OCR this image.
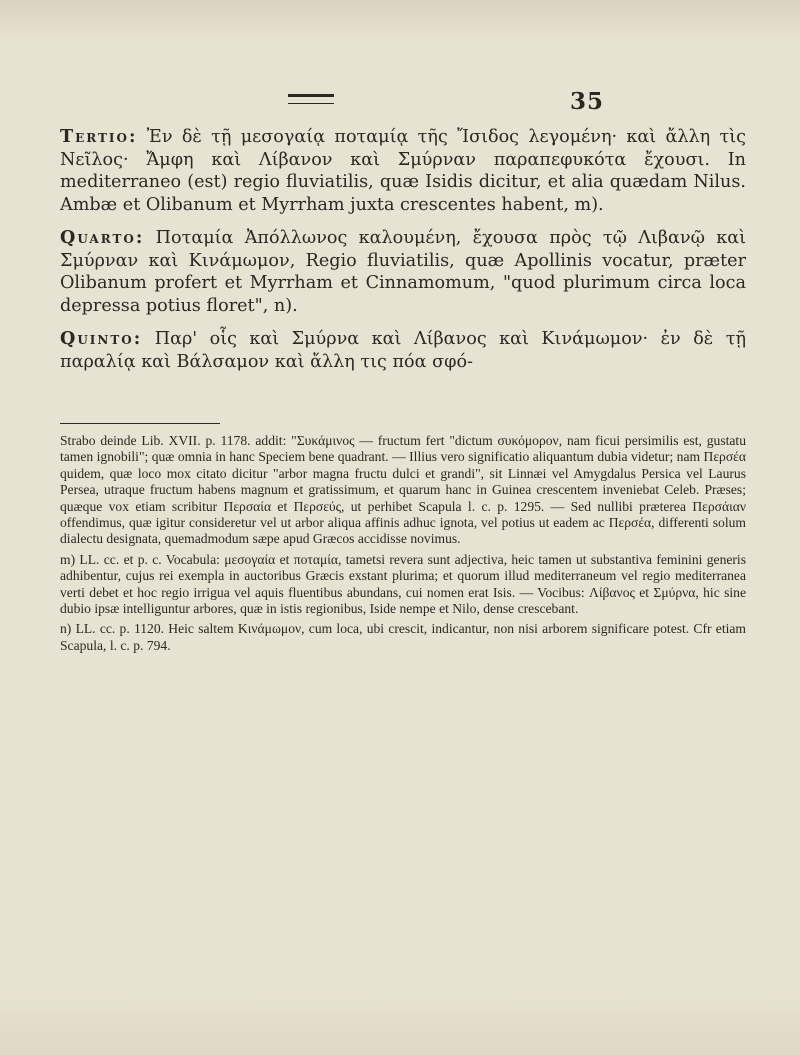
35

Tertio: Ἐν δὲ τῇ μεσογαίᾳ ποταμίᾳ τῆς Ἴσιδος λεγομένη· καὶ ἄλλη τὶς Νεῖλος· Ἄμφη καὶ Λίβανον καὶ Σμύρναν παραπεφυκότα ἔχουσι. In mediterraneo (est) regio fluviatilis, quæ Isidis dicitur, et alia quædam Nilus. Ambæ et Olibanum et Myrrham juxta crescentes habent, m).

Quarto: Ποταμία Ἀπόλλωνος καλουμένη, ἔχουσα πρὸς τῷ Λιβανῷ καὶ Σμύρναν καὶ Κινάμωμον, Regio fluviatilis, quæ Apollinis vocatur, præter Olibanum profert et Myrrham et Cinnamomum, "quod plurimum circa loca depressa potius floret", n).

Quinto: Παρ' οἷς καὶ Σμύρνα καὶ Λίβανος καὶ Κινάμωμον· ἐν δὲ τῇ παραλίᾳ καὶ Βάλσαμον καὶ ἄλλη τις πόα σφό-

Strabo deinde Lib. XVII. p. 1178. addit: "Συκάμινος — fructum fert "dictum συκόμορον, nam ficui persimilis est, gustatu tamen ignobili"; quæ omnia in hanc Speciem bene quadrant. — Illius vero significatio aliquantum dubia videtur; nam Περσέα quidem, quæ loco mox citato dicitur "arbor magna fructu dulci et grandi", sit Linnæi vel Amygdalus Persica vel Laurus Persea, utraque fructum habens magnum et gratissimum, et quarum hanc in Guinea crescentem inveniebat Celeb. Præses; quæque vox etiam scribitur Περσαία et Περσεύς, ut perhibet Scapula l. c. p. 1295. — Sed nullibi præterea Περσάιαν offendimus, quæ igitur consideretur vel ut arbor aliqua affinis adhuc ignota, vel potius ut eadem ac Περσέα, differenti solum dialectu designata, quemadmodum sæpe apud Græcos accidisse novimus.

m) LL. cc. et p. c. Vocabula: μεσογαία et ποταμία, tametsi revera sunt adjectiva, heic tamen ut substantiva feminini generis adhibentur, cujus rei exempla in auctoribus Græcis exstant plurima; et quorum illud mediterraneum vel regio mediterranea verti debet et hoc regio irrigua vel aquis fluentibus abundans, cui nomen erat Isis. — Vocibus: Λίβανος et Σμύρνα, hic sine dubio ipsæ intelliguntur arbores, quæ in istis regionibus, Iside nempe et Nilo, dense crescebant.

n) LL. cc. p. 1120. Heic saltem Κινάμωμον, cum loca, ubi crescit, indicantur, non nisi arborem significare potest. Cfr etiam Scapula, l. c. p. 794.
